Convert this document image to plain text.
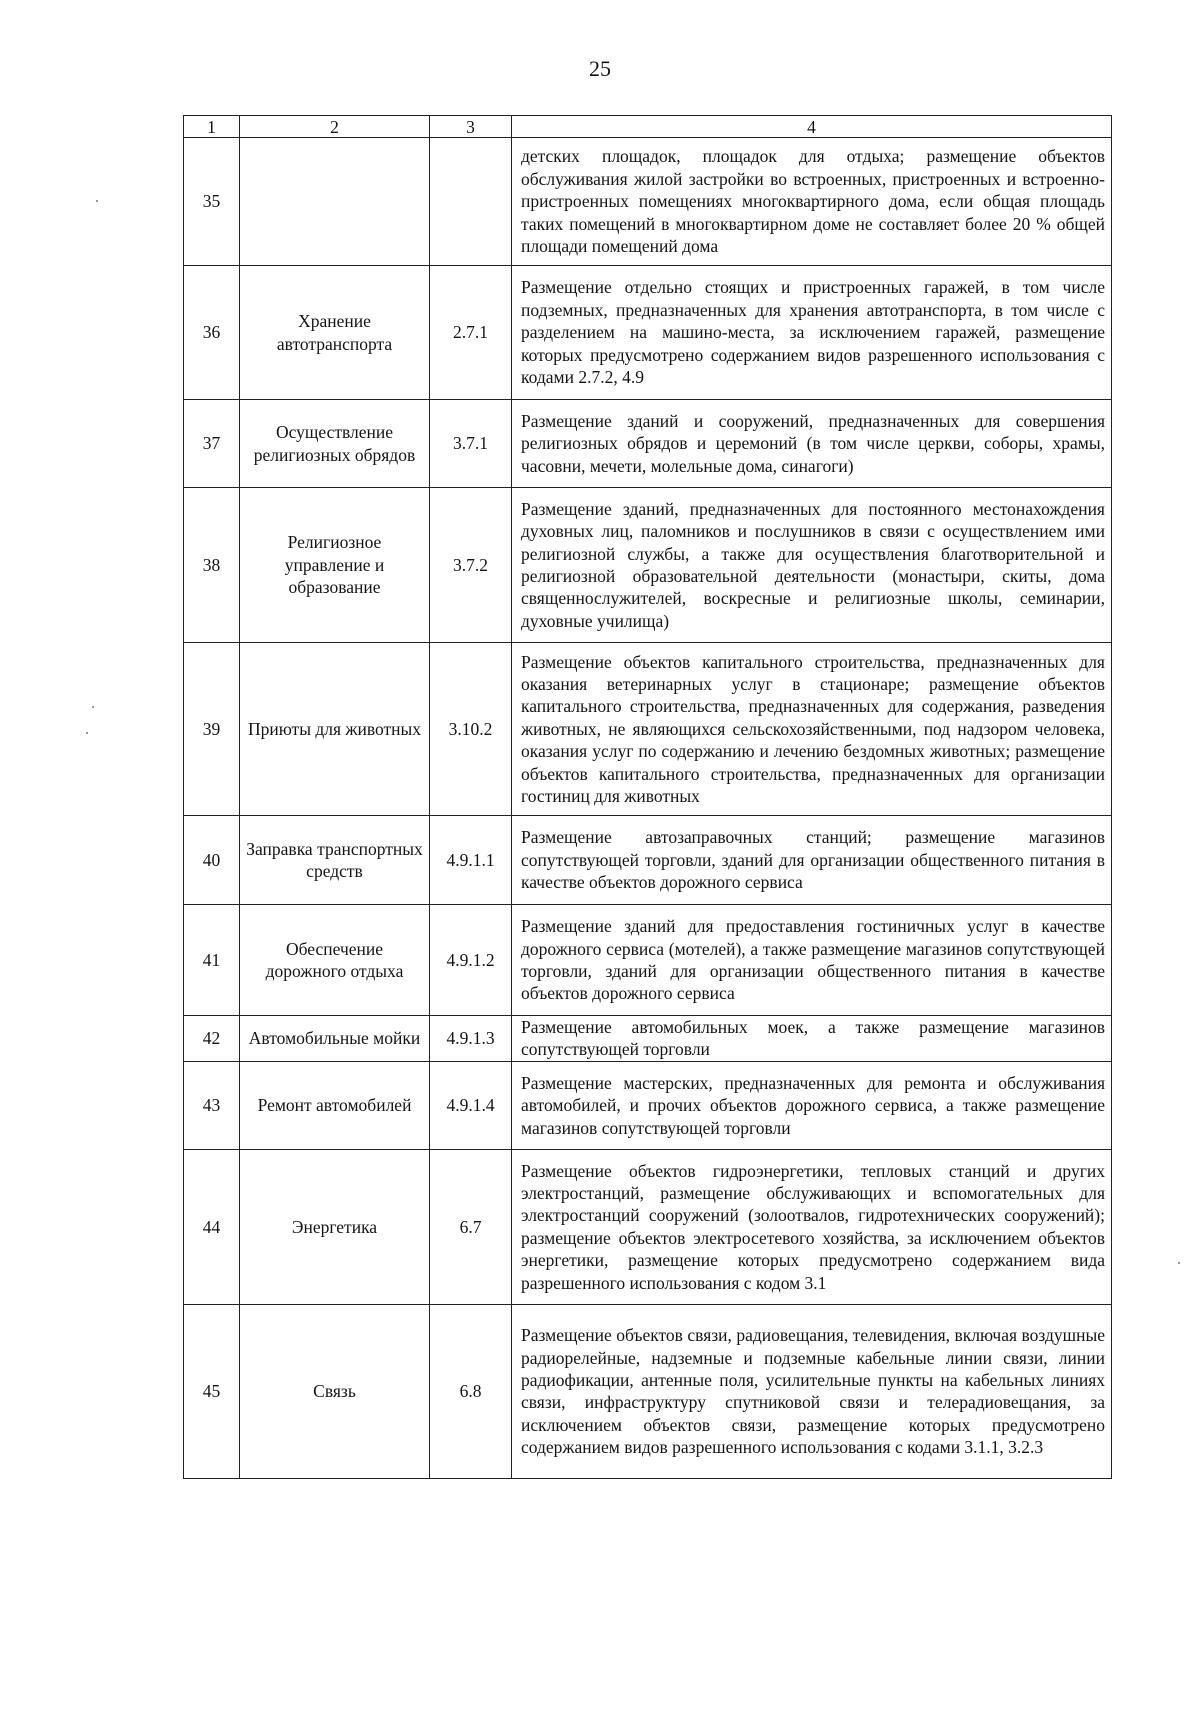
25
1	2	3	4
35			детских площадок, площадок для отдыха; размещение объектов обслуживания жилой застройки во встроенных, пристроенных и встроенно-пристроенных помещениях многоквартирного дома, если общая площадь таких помещений в многоквартирном доме не составляет более 20 % общей площади помещений дома
36	Хранение автотранспорта	2.7.1	Размещение отдельно стоящих и пристроенных гаражей, в том числе подземных, предназначенных для хранения автотранспорта, в том числе с разделением на машино-места, за исключением гаражей, размещение которых предусмотрено содержанием видов разрешенного использования с кодами 2.7.2, 4.9
37	Осуществление религиозных обрядов	3.7.1	Размещение зданий и сооружений, предназначенных для совершения религиозных обрядов и церемоний (в том числе церкви, соборы, храмы, часовни, мечети, молельные дома, синагоги)
38	Религиозное управление и образование	3.7.2	Размещение зданий, предназначенных для постоянного местонахождения духовных лиц, паломников и послушников в связи с осуществлением ими религиозной службы, а также для осуществления благотворительной и религиозной образовательной деятельности (монастыри, скиты, дома священнослужителей, воскресные и религиозные школы, семинарии, духовные училища)
39	Приюты для животных	3.10.2	Размещение объектов капитального строительства, предназначенных для оказания ветеринарных услуг в стационаре; размещение объектов капитального строительства, предназначенных для содержания, разведения животных, не являющихся сельскохозяйственными, под надзором человека, оказания услуг по содержанию и лечению бездомных животных; размещение объектов капитального строительства, предназначенных для организации гостиниц для животных
40	Заправка транспортных средств	4.9.1.1	Размещение автозаправочных станций; размещение магазинов сопутствующей торговли, зданий для организации общественного питания в качестве объектов дорожного сервиса
41	Обеспечение дорожного отдыха	4.9.1.2	Размещение зданий для предоставления гостиничных услуг в качестве дорожного сервиса (мотелей), а также размещение магазинов сопутствующей торговли, зданий для организации общественного питания в качестве объектов дорожного сервиса
42	Автомобильные мойки	4.9.1.3	Размещение автомобильных моек, а также размещение магазинов сопутствующей торговли
43	Ремонт автомобилей	4.9.1.4	Размещение мастерских, предназначенных для ремонта и обслуживания автомобилей, и прочих объектов дорожного сервиса, а также размещение магазинов сопутствующей торговли
44	Энергетика	6.7	Размещение объектов гидроэнергетики, тепловых станций и других электростанций, размещение обслуживающих и вспомогательных для электростанций сооружений (золоотвалов, гидротехнических сооружений); размещение объектов электросетевого хозяйства, за исключением объектов энергетики, размещение которых предусмотрено содержанием вида разрешенного использования с кодом 3.1
45	Связь	6.8	Размещение объектов связи, радиовещания, телевидения, включая воздушные радиорелейные, надземные и подземные кабельные линии связи, линии радиофикации, антенные поля, усилительные пункты на кабельных линиях связи, инфраструктуру спутниковой связи и телерадиовещания, за исключением объектов связи, размещение которых предусмотрено содержанием видов разрешенного использования с кодами 3.1.1, 3.2.3
